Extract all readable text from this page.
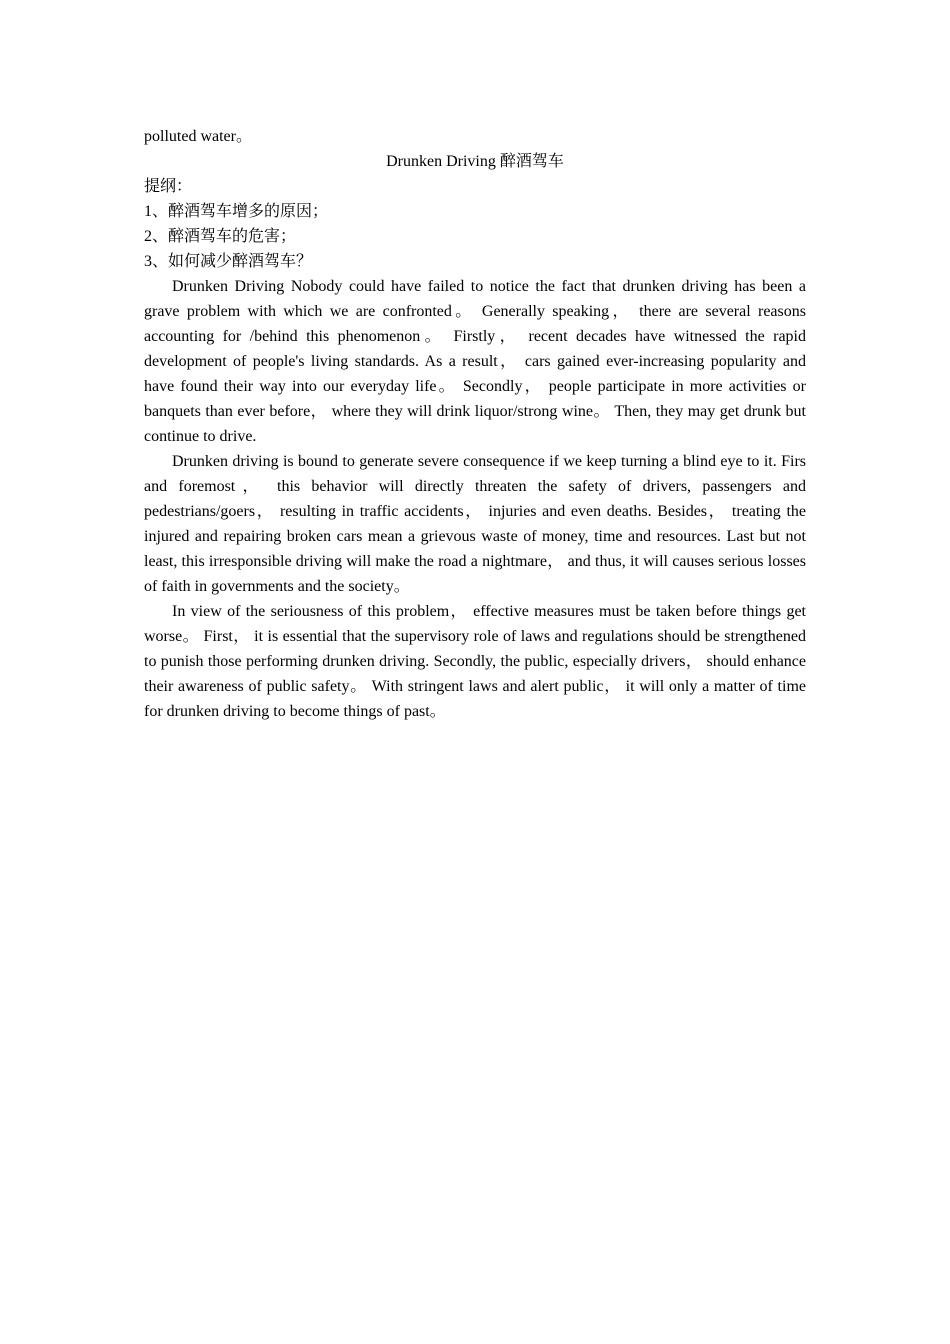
polluted water。

Drunken Driving 醉酒驾车

提纲：

1、醉酒驾车增多的原因；

2、醉酒驾车的危害；

3、如何减少醉酒驾车？

Drunken Driving Nobody could have failed to notice the fact that drunken driving has been a grave problem with which we are confronted。 Generally speaking， there are several reasons accounting for /behind this phenomenon。 Firstly， recent decades have witnessed the rapid development of people's living standards. As a result， cars gained ever-increasing popularity and have found their way into our everyday life。 Secondly， people participate in more activities or banquets than ever before， where they will drink liquor/strong wine。 Then, they may get drunk but continue to drive.

Drunken driving is bound to generate severe consequence if we keep turning a blind eye to it. Firs and foremost， this behavior will directly threaten the safety of drivers, passengers and pedestrians/goers， resulting in traffic accidents， injuries and even deaths. Besides， treating the injured and repairing broken cars mean a grievous waste of money, time and resources. Last but not least, this irresponsible driving will make the road a nightmare， and thus, it will causes serious losses of faith in governments and the society。

In view of the seriousness of this problem， effective measures must be taken before things get worse。 First， it is essential that the supervisory role of laws and regulations should be strengthened to punish those performing drunken driving. Secondly, the public, especially drivers， should enhance their awareness of public safety。 With stringent laws and alert public， it will only a matter of time for drunken driving to become things of past。
